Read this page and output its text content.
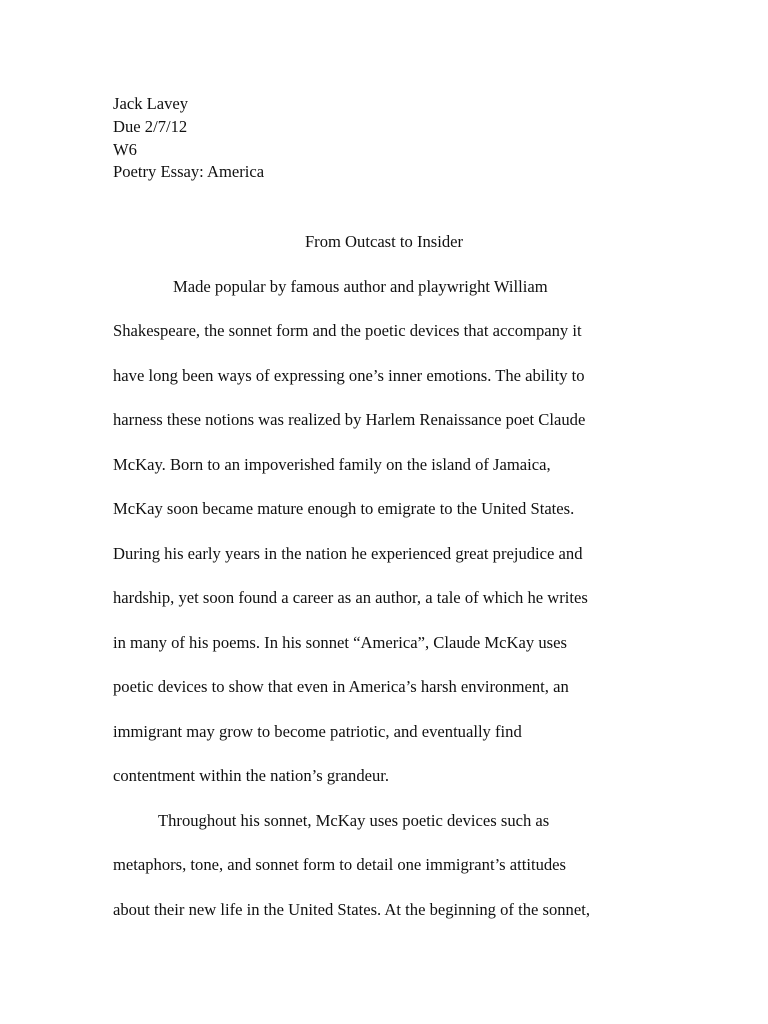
Jack Lavey

Due 2/7/12

W6

Poetry Essay: America

From Outcast to Insider

Made popular by famous author and playwright William

Shakespeare, the sonnet form and the poetic devices that accompany it

have long been ways of expressing one’s inner emotions. The ability to

harness these notions was realized by Harlem Renaissance poet Claude

McKay. Born to an impoverished family on the island of Jamaica,

McKay soon became mature enough to emigrate to the United States.

During his early years in the nation he experienced great prejudice and

hardship, yet soon found a career as an author, a tale of which he writes

in many of his poems. In his sonnet “America”, Claude McKay uses

poetic devices to show that even in America’s harsh environment, an

immigrant may grow to become patriotic, and eventually find

contentment within the nation’s grandeur.

Throughout his sonnet, McKay uses poetic devices such as

metaphors, tone, and sonnet form to detail one immigrant’s attitudes

about their new life in the United States. At the beginning of the sonnet,
